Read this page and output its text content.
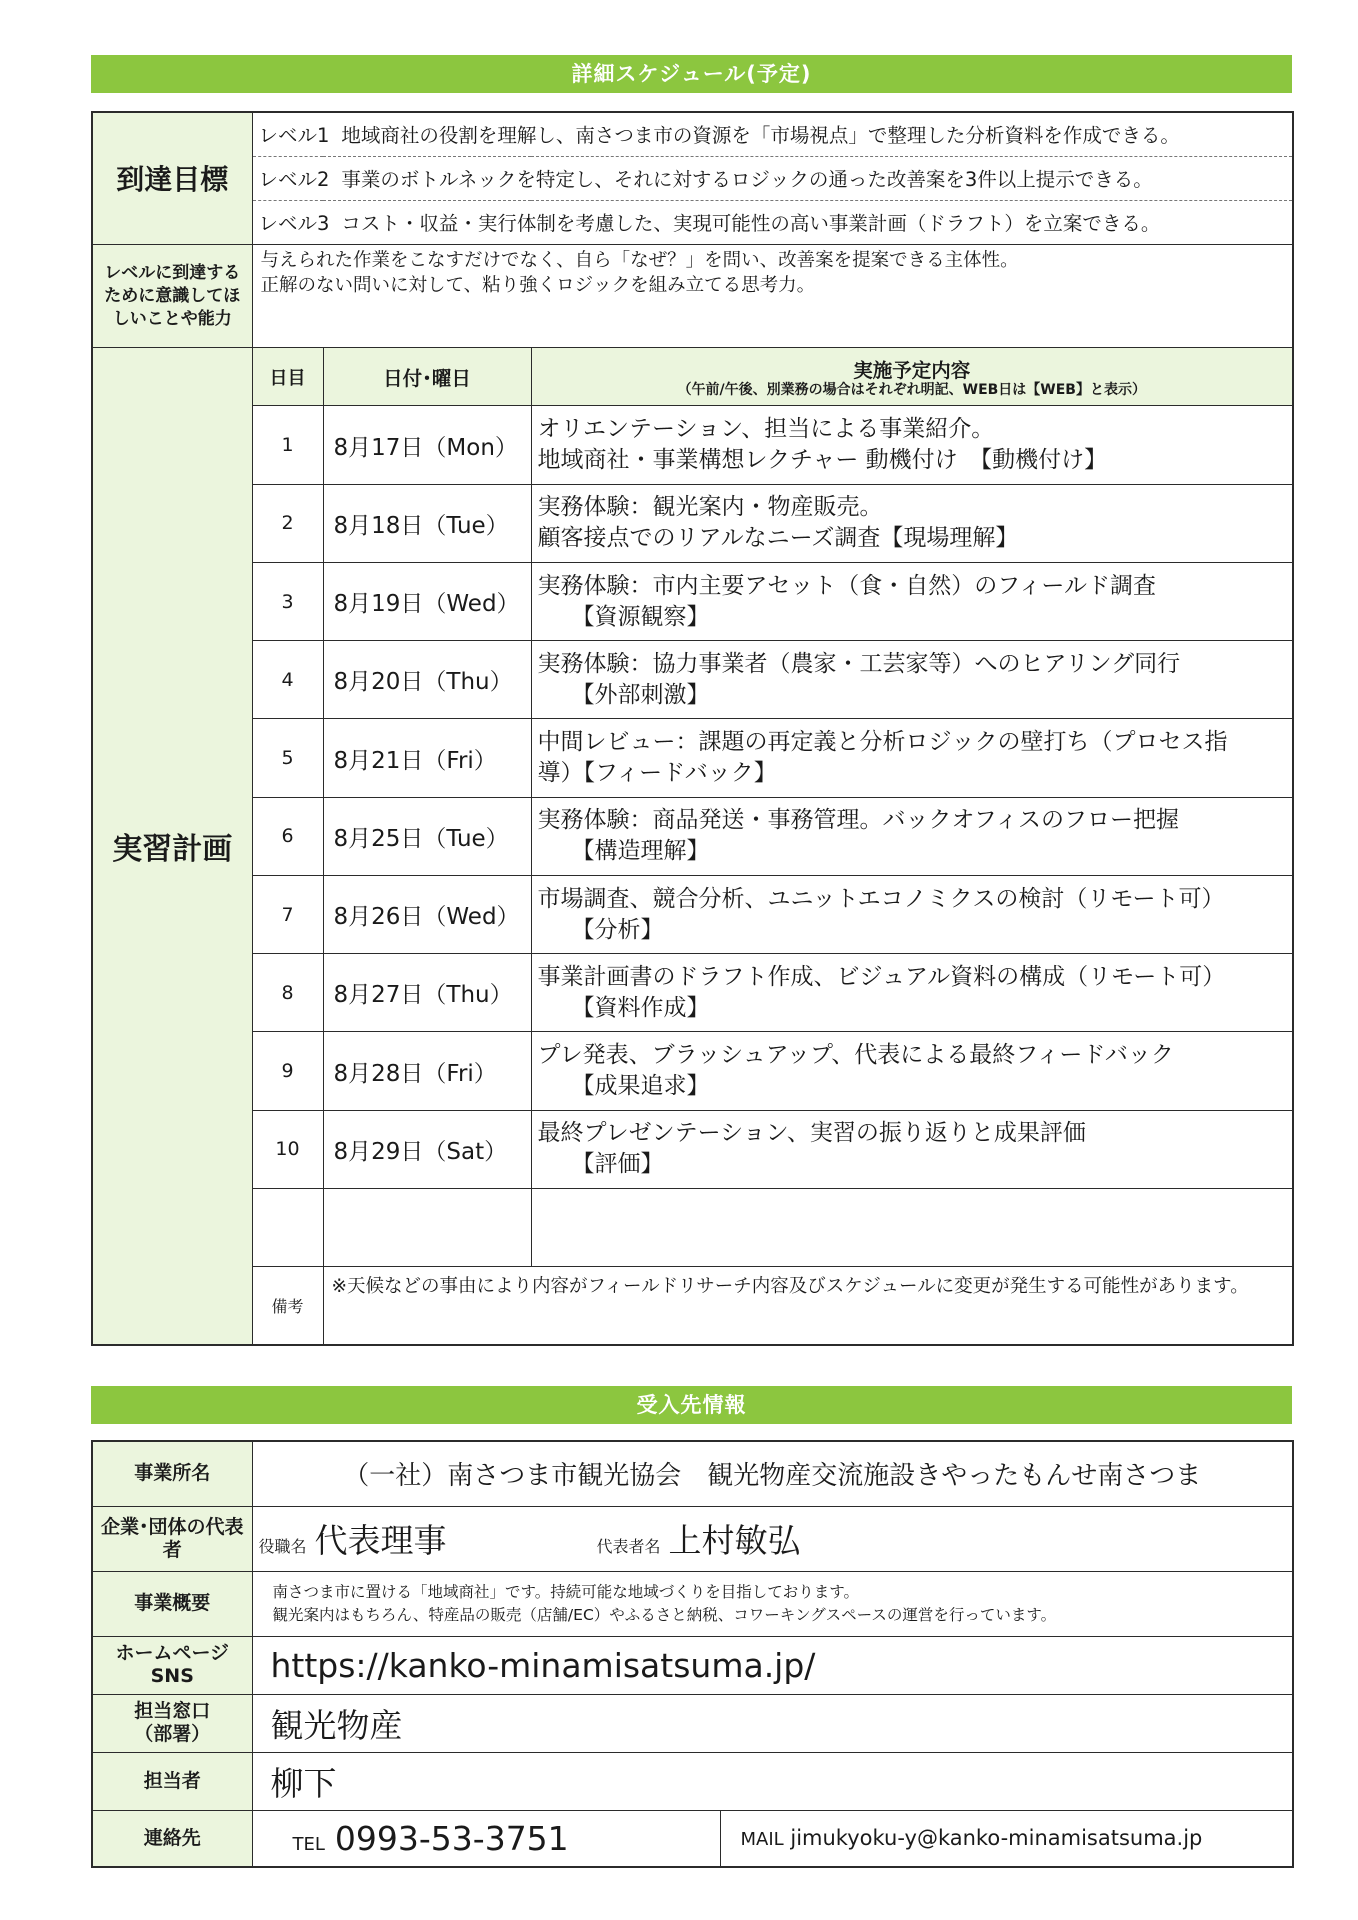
詳細スケジュール(予定)
到達目標	レベル1 地域商社の役割を理解し、南さつま市の資源を「市場視点」で整理した分析資料を作成できる。		
	レベル2 事業のボトルネックを特定し、それに対するロジックの通った改善案を3件以上提示できる。		
	レベル3 コスト・収益・実行体制を考慮した、実現可能性の高い事業計画（ドラフト）を立案できる。		
レベルに到達するために意識してほしいことや能力	与えられた作業をこなすだけでなく、自ら「なぜ？」を問い、改善案を提案できる主体性。
正解のない問いに対して、粘り強くロジックを組み立てる思考力。		

実習計画	日目	日付･曜日	実施予定内容
（午前/午後、別業務の場合はそれぞれ明記、WEB日は【WEB】と表示）

	1	8月17日（Mon）	オリエンテーション、担当による事業紹介。
地域商社・事業構想レクチャー 動機付け　【動機付け】

	2	8月18日（Tue）	実務体験：観光案内・物産販売。
顧客接点でのリアルなニーズ調査【現場理解】

	3	8月19日（Wed）	実務体験：市内主要アセット（食・自然）のフィールド調査
【資源観察】

	4	8月20日（Thu）	実務体験：協力事業者（農家・工芸家等）へのヒアリング同行
【外部刺激】

	5	8月21日（Fri）	中間レビュー：課題の再定義と分析ロジックの壁打ち（プロセス指
導）【フィードバック】

	6	8月25日（Tue）	実務体験：商品発送・事務管理。バックオフィスのフロー把握
【構造理解】

	7	8月26日（Wed）	市場調査、競合分析、ユニットエコノミクスの検討（リモート可）
【分析】

	8	8月27日（Thu）	事業計画書のドラフト作成、ビジュアル資料の構成（リモート可）
【資料作成】

	9	8月28日（Fri）	プレ発表、ブラッシュアップ、代表による最終フィードバック
【成果追求】

	10	8月29日（Sat）	最終プレゼンテーション、実習の振り返りと成果評価
【評価】

	備考	※天候などの事由により内容がフィールドリサーチ内容及びスケジュールに変更が発生する可能性があります。	
受入先情報
事業所名	（一社）南さつま市観光協会　観光物産交流施設きやったもんせ南さつま	
企業･団体の代表者	役職名 代表理事 代表者名 上村敏弘	
事業概要	南さつま市に置ける「地域商社」です。持続可能な地域づくりを目指しております。
観光案内はもちろん、特産品の販売（店舗/EC）やふるさと納税、コワーキングスペースの運営を行っています。	

ホームページ
SNS	https://kanko-minamisatsuma.jp/	

担当窓口
（部署）	観光物産	
担当者	柳下	
連絡先	TEL 0993-53-3751	MAIL jimukyoku-y@kanko-minamisatsuma.jp
